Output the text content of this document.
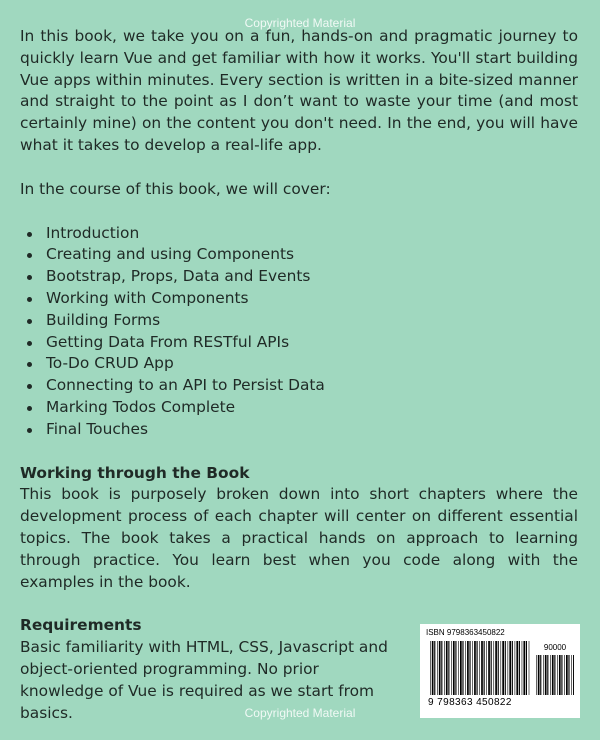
Copyrighted Material

In this book, we take you on a fun, hands-on and pragmatic journey to quickly learn Vue and get familiar with how it works. You'll start building Vue apps within minutes. Every section is written in a bite-sized manner and straight to the point as I don’t want to waste your time (and most certainly mine) on the content you don't need. In the end, you will have what it takes to develop a real-life app.

In the course of this book, we will cover:

Introduction
Creating and using Components
Bootstrap, Props, Data and Events
Working with Components
Building Forms
Getting Data From RESTful APIs
To-Do CRUD App
Connecting to an API to Persist Data
Marking Todos Complete
Final Touches

Working through the Book

This book is purposely broken down into short chapters where the development process of each chapter will center on different essential topics. The book takes a practical hands on approach to learning through practice. You learn best when you code along with the examples in the book.

Requirements

Basic familiarity with HTML, CSS, Javascript and object-oriented programming. No prior knowledge of Vue is required as we start from basics.

ISBN 9798363450822
90000
9 798363 450822
Copyrighted Material
